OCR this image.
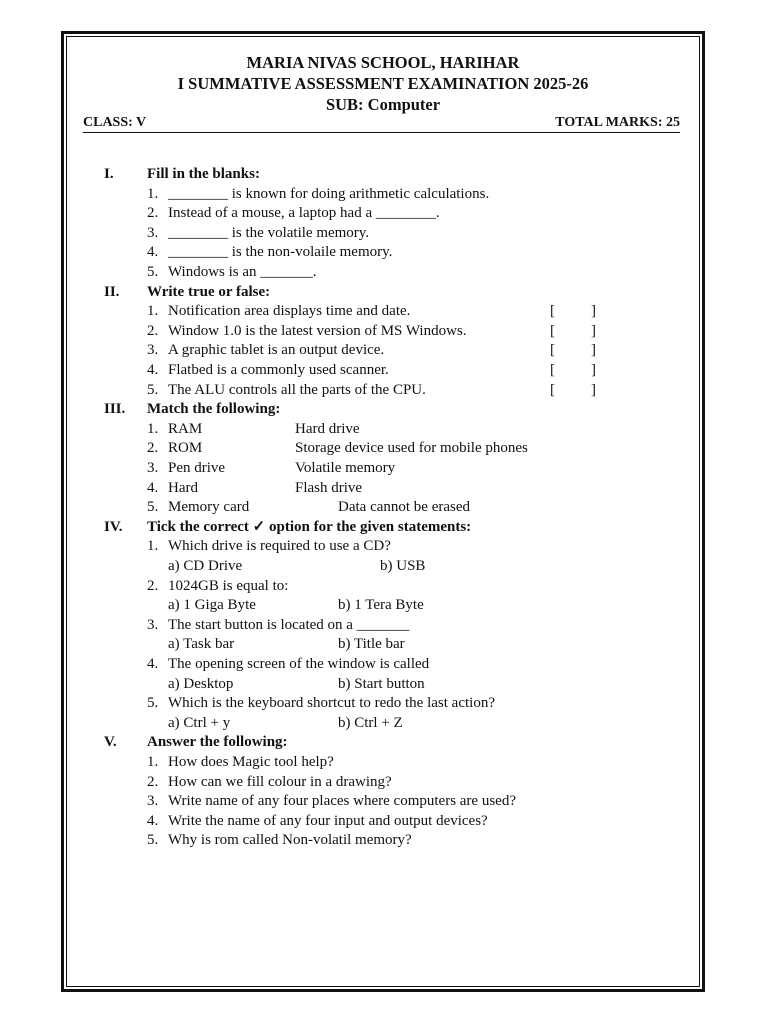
MARIA NIVAS SCHOOL, HARIHAR
I SUMMATIVE ASSESSMENT EXAMINATION 2025-26
SUB: Computer
CLASS: V	TOTAL MARKS: 25
I. Fill in the blanks:
1. ________ is known for doing arithmetic calculations.
2. Instead of a mouse, a laptop had a ________.
3. ________ is the volatile memory.
4. ________ is the non-volaile memory.
5. Windows is an _______.
II. Write true or false:
1. Notification area displays time and date.	[ ]
2. Window 1.0 is the latest version of MS Windows.	[ ]
3. A graphic tablet is an output device.	[ ]
4. Flatbed is a commonly used scanner.	[ ]
5. The ALU controls all the parts of the CPU.	[ ]
III. Match the following:
1. RAM	Hard drive
2. ROM	Storage device used for mobile phones
3. Pen drive	Volatile memory
4. Hard	Flash drive
5. Memory card	Data cannot be erased
IV. Tick the correct ✓ option for the given statements:
1. Which drive is required to use a CD?
a) CD Drive	b) USB
2. 1024GB is equal to:
a) 1 Giga Byte	b) 1 Tera Byte
3. The start button is located on a _______
a) Task bar	b) Title bar
4. The opening screen of the window is called
a) Desktop	b) Start button
5. Which is the keyboard shortcut to redo the last action?
a) Ctrl + y	b) Ctrl + Z
V. Answer the following:
1. How does Magic tool help?
2. How can we fill colour in a drawing?
3. Write name of any four places where computers are used?
4. Write the name of any four input and output devices?
5. Why is rom called Non-volatil memory?
